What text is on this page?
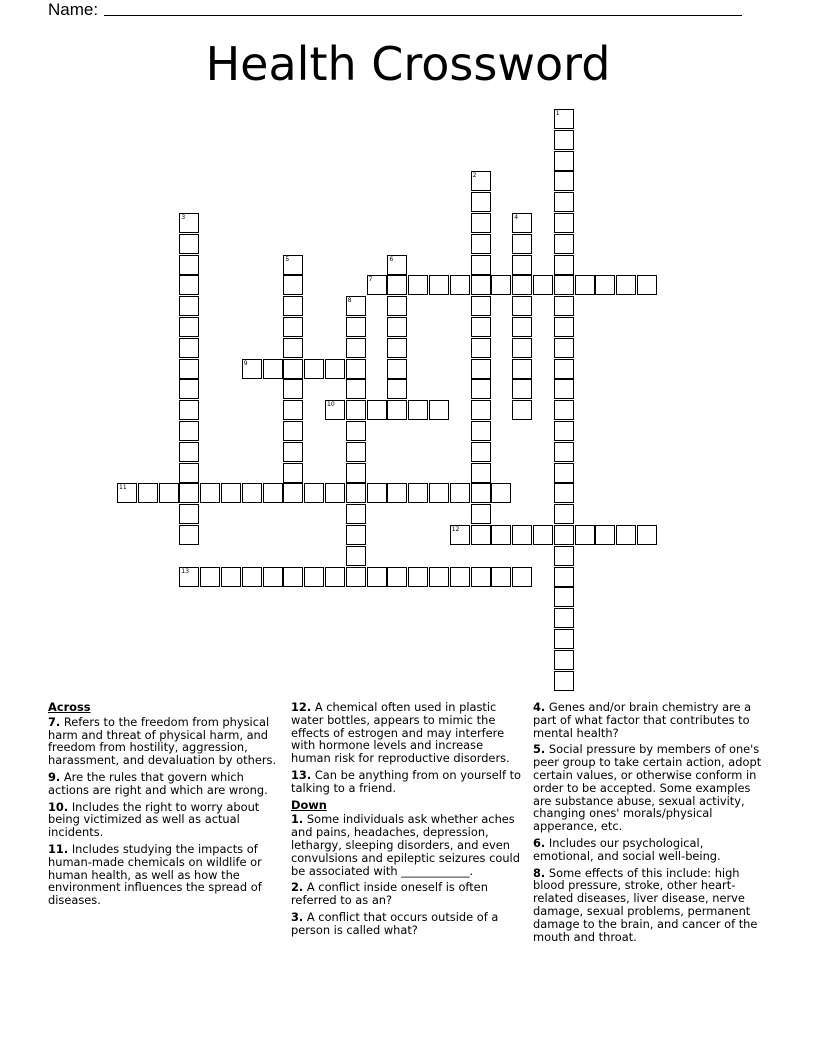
Name:
Health Crossword
1
2
3	4
5	6
7
8
9
10
11
12
13
Across
7. Refers to the freedom from physical harm and threat of physical harm, and freedom from hostility, aggression, harassment, and devaluation by others.
9. Are the rules that govern which actions are right and which are wrong.
10. Includes the right to worry about being victimized as well as actual incidents.
11. Includes studying the impacts of human-made chemicals on wildlife or human health, as well as how the environment influences the spread of diseases.
12. A chemical often used in plastic water bottles, appears to mimic the effects of estrogen and may interfere with hormone levels and increase human risk for reproductive disorders.
13. Can be anything from on yourself to talking to a friend.
Down
1. Some individuals ask whether aches and pains, headaches, depression, lethargy, sleeping disorders, and even convulsions and epileptic seizures could be associated with ____________.
2. A conflict inside oneself is often referred to as an?
3. A conflict that occurs outside of a person is called what?
4. Genes and/or brain chemistry are a part of what factor that contributes to mental health?
5. Social pressure by members of one's peer group to take certain action, adopt certain values, or otherwise conform in order to be accepted. Some examples are substance abuse, sexual activity, changing ones' morals/physical apperance, etc.
6. Includes our psychological, emotional, and social well-being.
8. Some effects of this include: high blood pressure, stroke, other heart-related diseases, liver disease, nerve damage, sexual problems, permanent damage to the brain, and cancer of the mouth and throat.
